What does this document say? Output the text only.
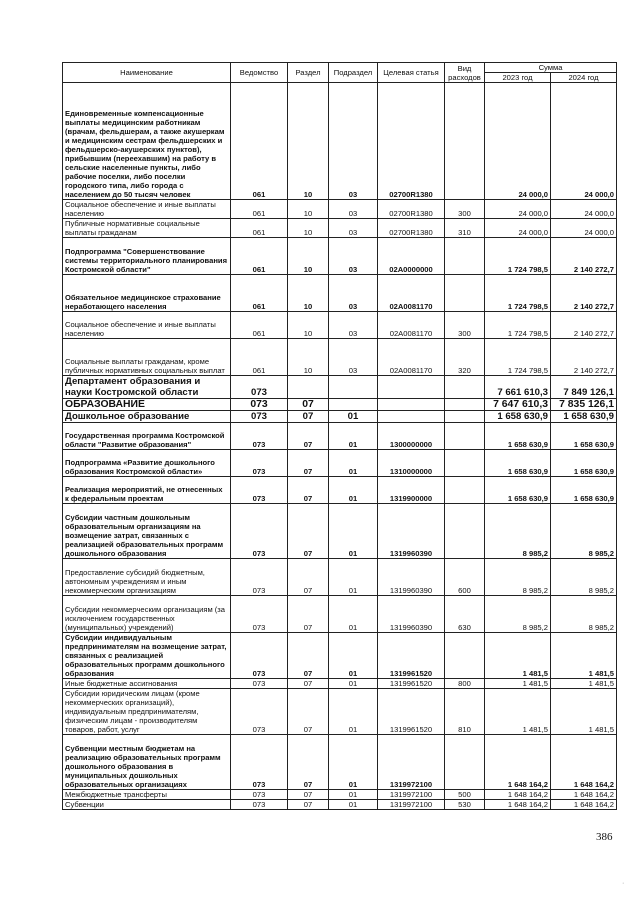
Наименование	Ведомство	Раздел	Подраздел	Целевая статья	Вид расходов	Сумма	
						2023 год	2024 год
Единовременные компенсационные выплаты медицинским работникам (врачам, фельдшерам, а также акушеркам и медицинским сестрам фельдшерских и фельдшерско-акушерских пунктов), прибывшим (переехавшим) на работу в сельские населенные пункты, либо рабочие поселки, либо поселки городского типа, либо города с населением до 50 тысяч человек	061	10	03	02700R1380		24 000,0	24 000,0
Социальное обеспечение и иные выплаты населению	061	10	03	02700R1380	300	24 000,0	24 000,0
Публичные нормативные социальные выплаты гражданам	061	10	03	02700R1380	310	24 000,0	24 000,0
Подпрограмма "Совершенствование системы территориального планирования Костромской области"	061	10	03	02А0000000		1 724 798,5	2 140 272,7
Обязательное медицинское страхование неработающего населения	061	10	03	02А0081170		1 724 798,5	2 140 272,7
Социальное обеспечение и иные выплаты населению	061	10	03	02А0081170	300	1 724 798,5	2 140 272,7
Социальные выплаты гражданам, кроме публичных нормативных социальных выплат	061	10	03	02А0081170	320	1 724 798,5	2 140 272,7
Департамент образования и науки Костромской области	073					7 661 610,3	7 849 126,1
ОБРАЗОВАНИЕ	073	07				7 647 610,3	7 835 126,1
Дошкольное образование	073	07	01			1 658 630,9	1 658 630,9
Государственная программа Костромской области "Развитие образования"	073	07	01	1300000000		1 658 630,9	1 658 630,9
Подпрограмма «Развитие дошкольного образования Костромской области»	073	07	01	1310000000		1 658 630,9	1 658 630,9
Реализация мероприятий, не отнесенных к федеральным проектам	073	07	01	1319900000		1 658 630,9	1 658 630,9
Субсидии частным дошкольным образовательным организациям на возмещение затрат, связанных с реализацией образовательных программ дошкольного образования	073	07	01	1319960390		8 985,2	8 985,2
Предоставление субсидий бюджетным, автономным учреждениям и иным некоммерческим организациям	073	07	01	1319960390	600	8 985,2	8 985,2
Субсидии некоммерческим организациям (за исключением государственных (муниципальных) учреждений)	073	07	01	1319960390	630	8 985,2	8 985,2
Субсидии индивидуальным предпринимателям на возмещение затрат, связанных с реализацией образовательных программ дошкольного образования	073	07	01	1319961520		1 481,5	1 481,5
Иные бюджетные ассигнования	073	07	01	1319961520	800	1 481,5	1 481,5
Субсидии юридическим лицам (кроме некоммерческих организаций), индивидуальным предпринимателям, физическим лицам - производителям товаров, работ, услуг	073	07	01	1319961520	810	1 481,5	1 481,5
Субвенции местным бюджетам на реализацию образовательных программ дошкольного образования в муниципальных дошкольных образовательных организациях	073	07	01	1319972100		1 648 164,2	1 648 164,2
Межбюджетные трансферты	073	07	01	1319972100	500	1 648 164,2	1 648 164,2
Субвенции	073	07	01	1319972100	530	1 648 164,2	1 648 164,2
386
·
